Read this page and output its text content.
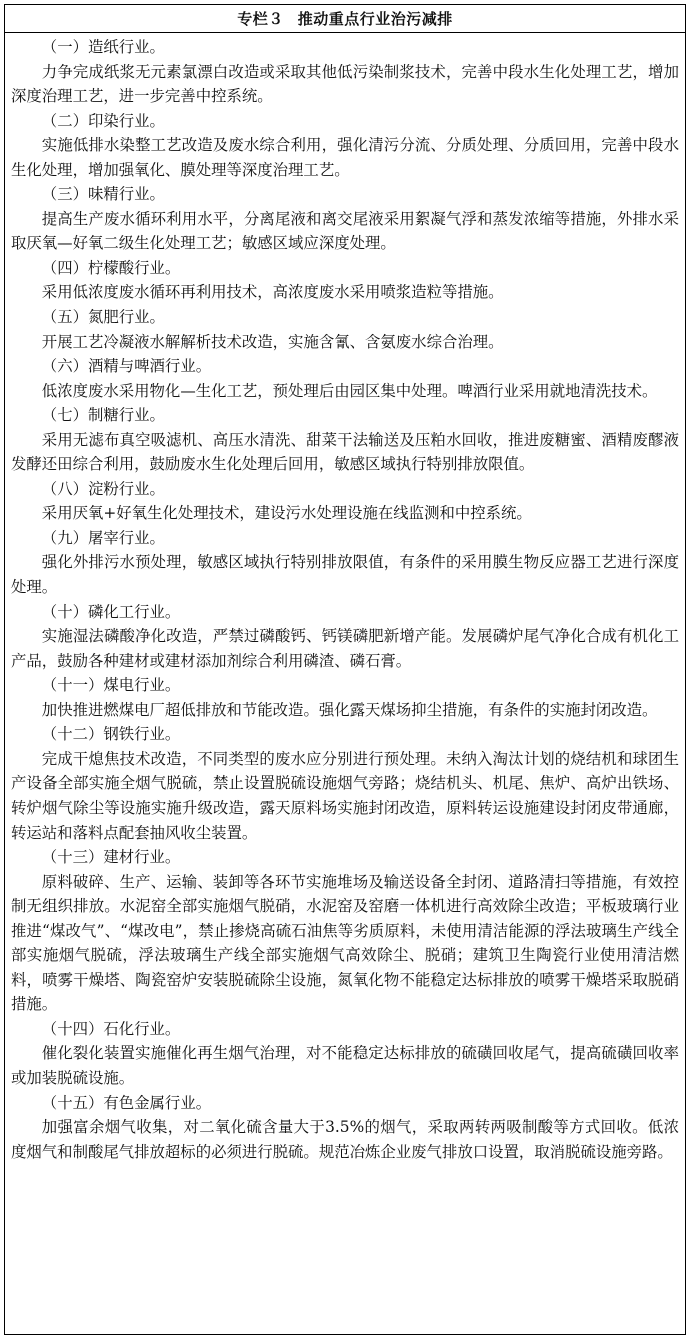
专栏３ 推动重点行业治污减排

（一）造纸行业。

力争完成纸浆无元素氯漂白改造或采取其他低污染制浆技术，完善中段水生化处理工艺，增加深度治理工艺，进一步完善中控系统。

（二）印染行业。

实施低排水染整工艺改造及废水综合利用，强化清污分流、分质处理、分质回用，完善中段水生化处理，增加强氧化、膜处理等深度治理工艺。

（三）味精行业。

提高生产废水循环利用水平，分离尾液和离交尾液采用絮凝气浮和蒸发浓缩等措施，外排水采取厌氧—好氧二级生化处理工艺；敏感区域应深度处理。

（四）柠檬酸行业。

采用低浓度废水循环再利用技术，高浓度废水采用喷浆造粒等措施。

（五）氮肥行业。

开展工艺冷凝液水解解析技术改造，实施含氰、含氨废水综合治理。

（六）酒精与啤酒行业。

低浓度废水采用物化—生化工艺，预处理后由园区集中处理。啤酒行业采用就地清洗技术。

（七）制糖行业。

采用无滤布真空吸滤机、高压水清洗、甜菜干法输送及压粕水回收，推进废糖蜜、酒精废醪液发酵还田综合利用，鼓励废水生化处理后回用，敏感区域执行特别排放限值。

（八）淀粉行业。

采用厌氧+好氧生化处理技术，建设污水处理设施在线监测和中控系统。

（九）屠宰行业。

强化外排污水预处理，敏感区域执行特别排放限值，有条件的采用膜生物反应器工艺进行深度处理。

（十）磷化工行业。

实施湿法磷酸净化改造，严禁过磷酸钙、钙镁磷肥新增产能。发展磷炉尾气净化合成有机化工产品，鼓励各种建材或建材添加剂综合利用磷渣、磷石膏。

（十一）煤电行业。

加快推进燃煤电厂超低排放和节能改造。强化露天煤场抑尘措施，有条件的实施封闭改造。

（十二）钢铁行业。

完成干熄焦技术改造，不同类型的废水应分别进行预处理。未纳入淘汰计划的烧结机和球团生产设备全部实施全烟气脱硫，禁止设置脱硫设施烟气旁路；烧结机头、机尾、焦炉、高炉出铁场、转炉烟气除尘等设施实施升级改造，露天原料场实施封闭改造，原料转运设施建设封闭皮带通廊，转运站和落料点配套抽风收尘装置。

（十三）建材行业。

原料破碎、生产、运输、装卸等各环节实施堆场及输送设备全封闭、道路清扫等措施，有效控制无组织排放。水泥窑全部实施烟气脱硝，水泥窑及窑磨一体机进行高效除尘改造；平板玻璃行业推进“煤改气”、“煤改电”，禁止掺烧高硫石油焦等劣质原料，未使用清洁能源的浮法玻璃生产线全部实施烟气脱硫，浮法玻璃生产线全部实施烟气高效除尘、脱硝；建筑卫生陶瓷行业使用清洁燃料，喷雾干燥塔、陶瓷窑炉安装脱硫除尘设施，氮氧化物不能稳定达标排放的喷雾干燥塔采取脱硝措施。

（十四）石化行业。

催化裂化装置实施催化再生烟气治理，对不能稳定达标排放的硫磺回收尾气，提高硫磺回收率或加装脱硫设施。

（十五）有色金属行业。

加强富余烟气收集，对二氧化硫含量大于3.5%的烟气，采取两转两吸制酸等方式回收。低浓度烟气和制酸尾气排放超标的必须进行脱硫。规范冶炼企业废气排放口设置，取消脱硫设施旁路。
